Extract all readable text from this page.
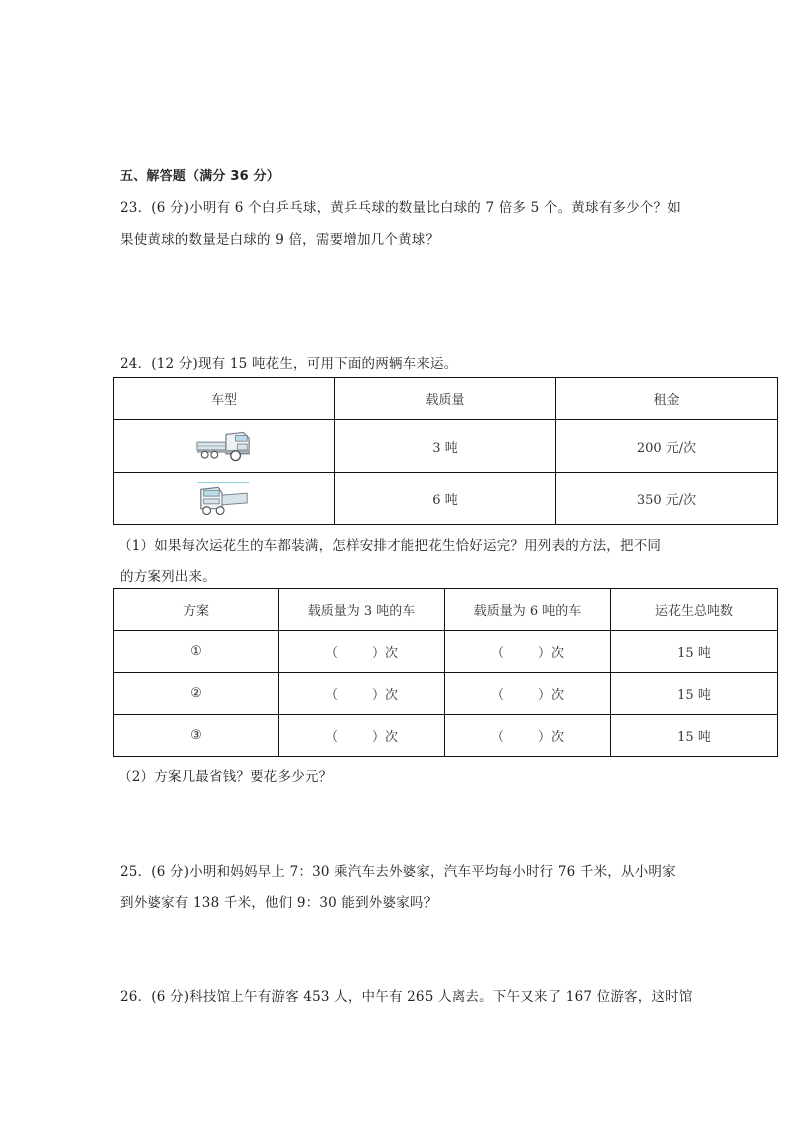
五、解答题（满分 36 分）
23．(6 分)小明有 6 个白乒乓球，黄乒乓球的数量比白球的 7 倍多 5 个。黄球有多少个？如
果使黄球的数量是白球的 9 倍，需要增加几个黄球？
24．(12 分)现有 15 吨花生，可用下面的两辆车来运。
车型	载质量	租金
	3 吨	200 元/次
	6 吨	350 元/次
（1）如果每次运花生的车都装满，怎样安排才能把花生恰好运完？用列表的方法，把不同
的方案列出来。
方案	载质量为 3 吨的车	载质量为 6 吨的车	运花生总吨数
①	（ ）次	（ ）次	15 吨
②	（ ）次	（ ）次	15 吨
③	（ ）次	（ ）次	15 吨
（2）方案几最省钱？要花多少元？
25．(6 分)小明和妈妈早上 7：30 乘汽车去外婆家，汽车平均每小时行 76 千米，从小明家
到外婆家有 138 千米，他们 9：30 能到外婆家吗？
26．(6 分)科技馆上午有游客 453 人，中午有 265 人离去。下午又来了 167 位游客，这时馆
